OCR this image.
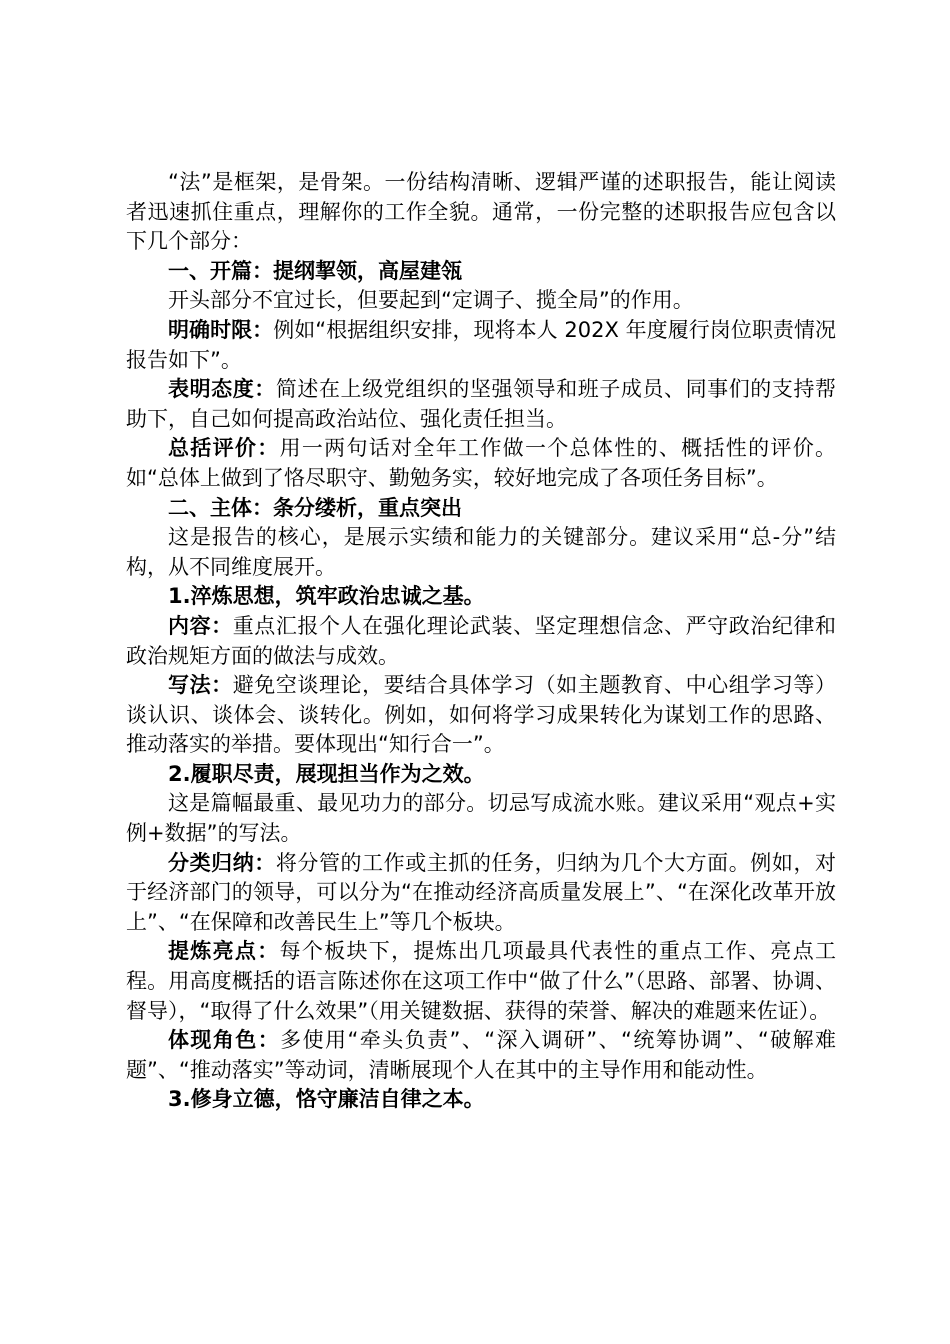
“法”是框架，是骨架。一份结构清晰、逻辑严谨的述职报告，能让阅读者迅速抓住重点，理解你的工作全貌。通常，一份完整的述职报告应包含以下几个部分：

一、开篇：提纲挈领，高屋建瓴

开头部分不宜过长，但要起到“定调子、揽全局”的作用。

明确时限：例如“根据组织安排，现将本人 202X 年度履行岗位职责情况报告如下”。

表明态度：简述在上级党组织的坚强领导和班子成员、同事们的支持帮助下，自己如何提高政治站位、强化责任担当。

总括评价：用一两句话对全年工作做一个总体性的、概括性的评价。如“总体上做到了恪尽职守、勤勉务实，较好地完成了各项任务目标”。

二、主体：条分缕析，重点突出

这是报告的核心，是展示实绩和能力的关键部分。建议采用“总-分”结构，从不同维度展开。

1.淬炼思想，筑牢政治忠诚之基。

内容：重点汇报个人在强化理论武装、坚定理想信念、严守政治纪律和政治规矩方面的做法与成效。

写法：避免空谈理论，要结合具体学习（如主题教育、中心组学习等）谈认识、谈体会、谈转化。例如，如何将学习成果转化为谋划工作的思路、推动落实的举措。要体现出“知行合一”。

2.履职尽责，展现担当作为之效。

这是篇幅最重、最见功力的部分。切忌写成流水账。建议采用“观点+实例+数据”的写法。

分类归纳：将分管的工作或主抓的任务，归纳为几个大方面。例如，对于经济部门的领导，可以分为“在推动经济高质量发展上”、“在深化改革开放上”、“在保障和改善民生上”等几个板块。

提炼亮点：每个板块下，提炼出几项最具代表性的重点工作、亮点工程。用高度概括的语言陈述你在这项工作中“做了什么”（思路、部署、协调、督导），“取得了什么效果”（用关键数据、获得的荣誉、解决的难题来佐证）。

体现角色：多使用“牵头负责”、“深入调研”、“统筹协调”、“破解难题”、“推动落实”等动词，清晰展现个人在其中的主导作用和能动性。

3.修身立德，恪守廉洁自律之本。
